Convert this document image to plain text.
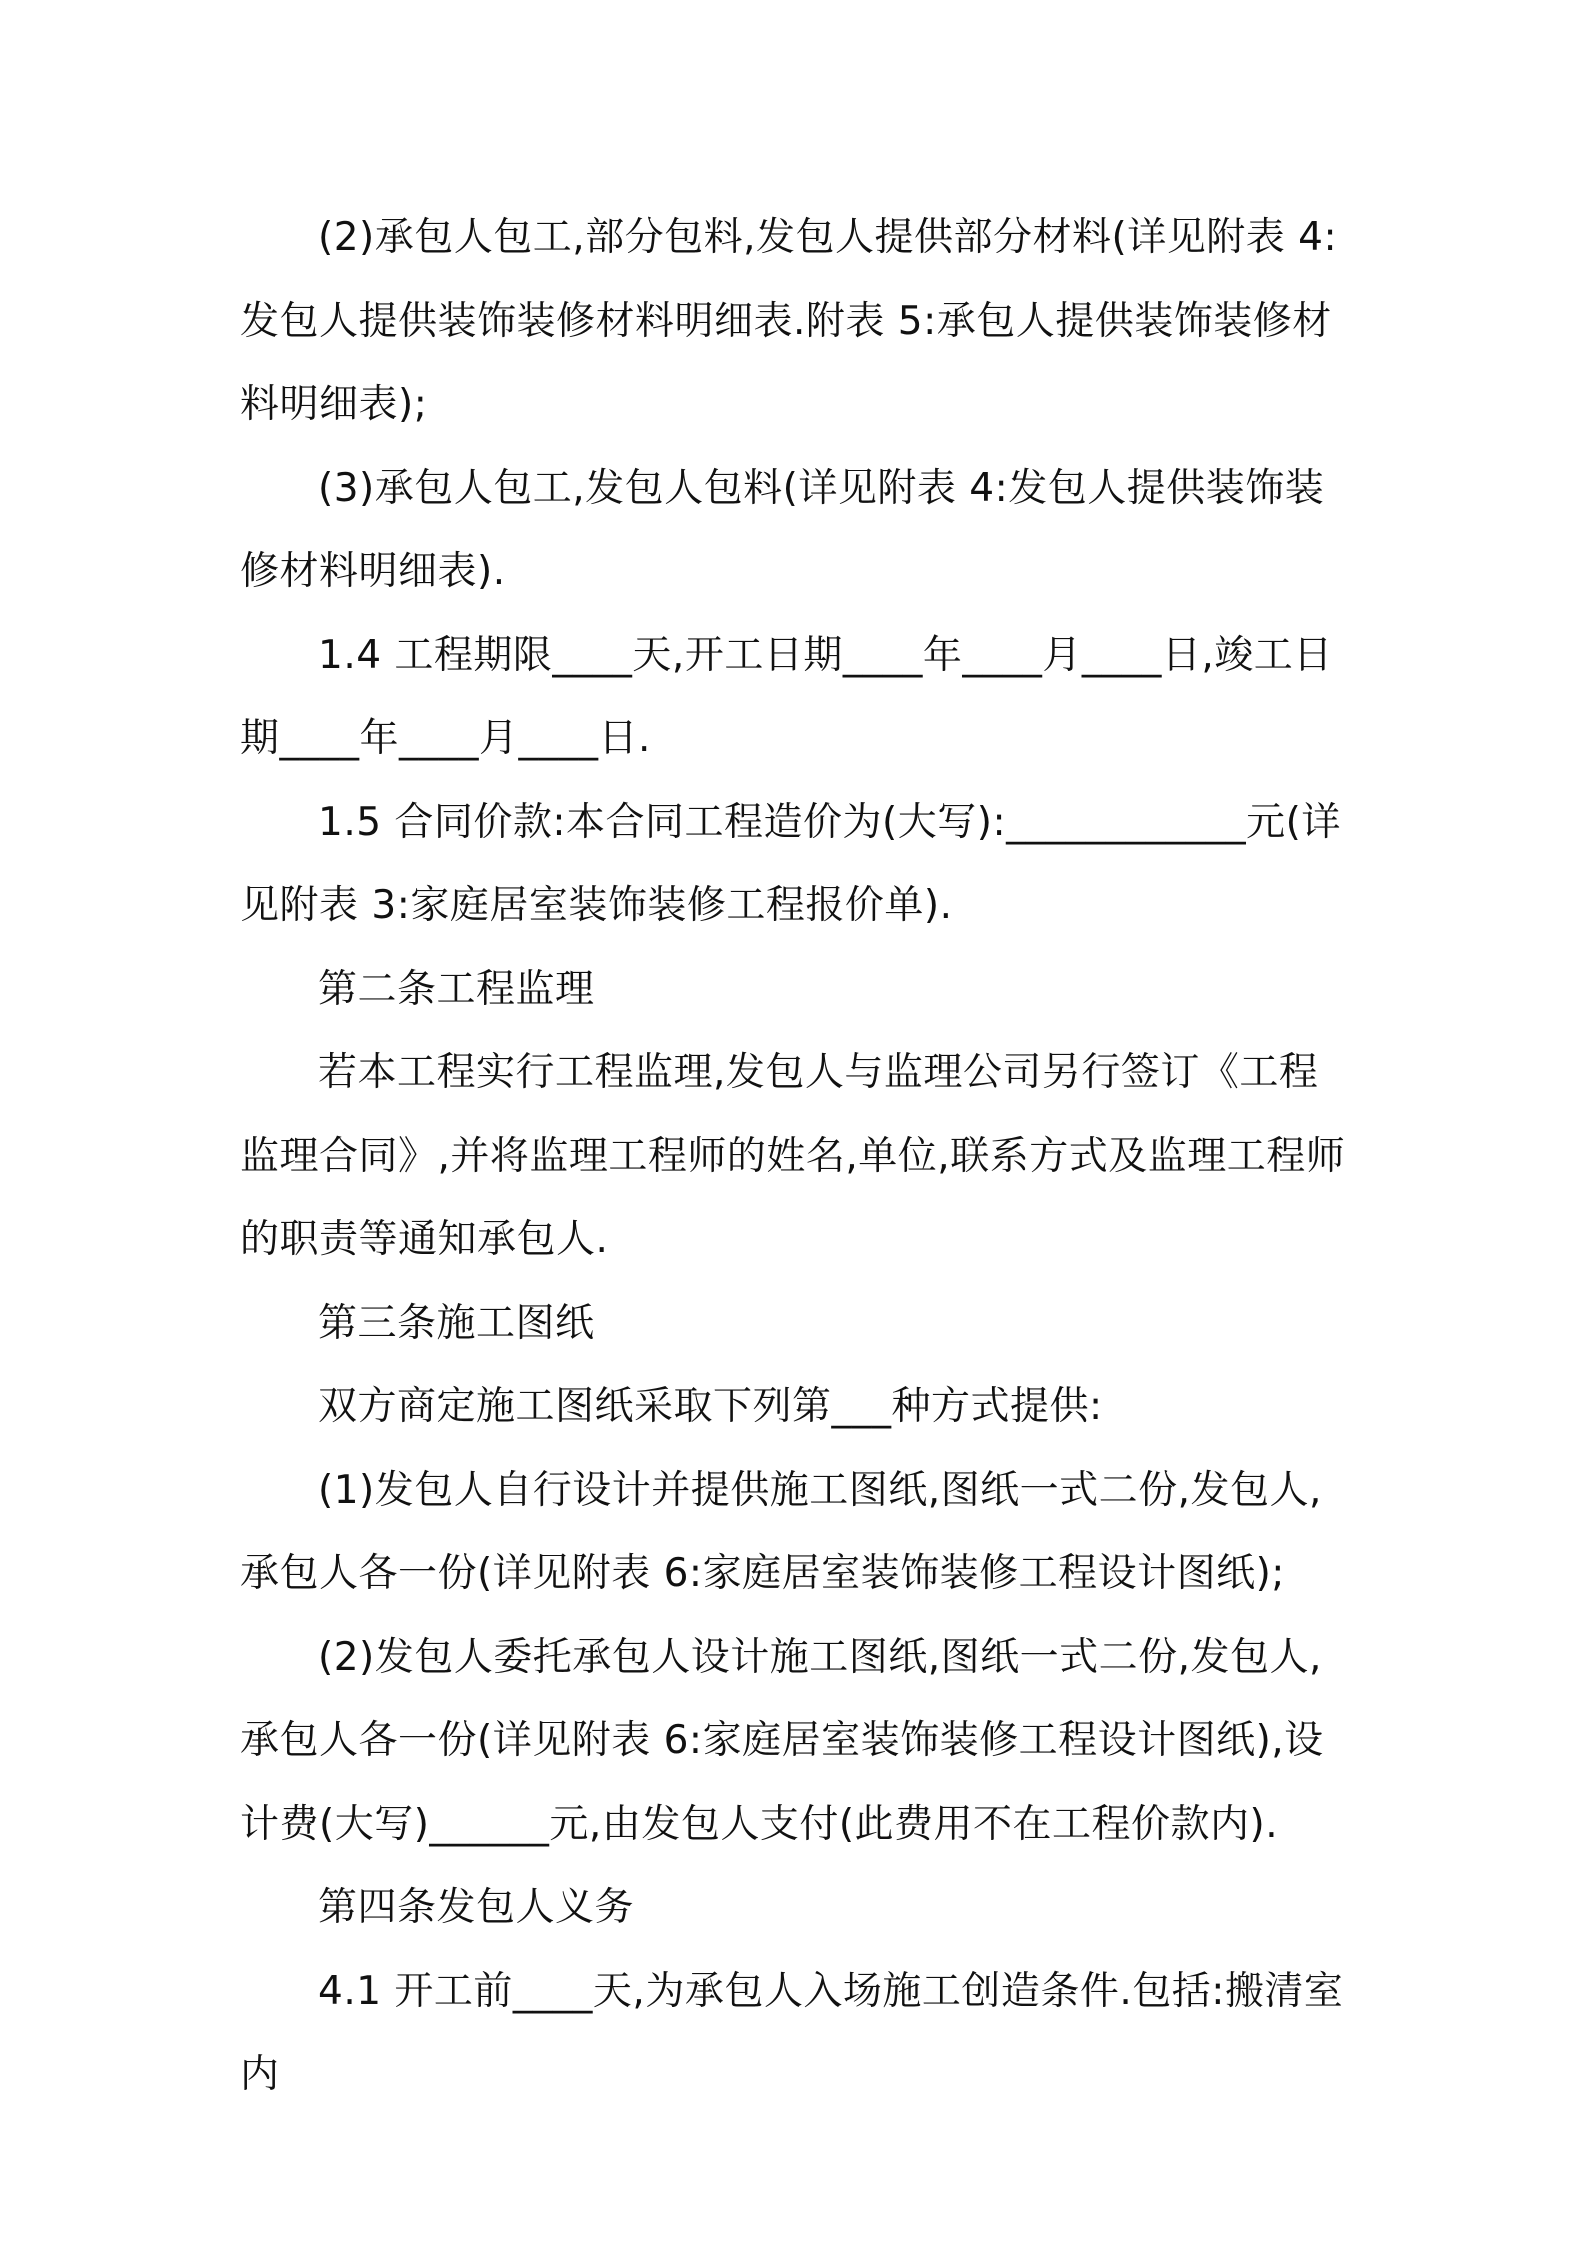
(2)承包人包工,部分包料,发包人提供部分材料(详见附表 4:发包人提供装饰装修材料明细表.附表 5:承包人提供装饰装修材料明细表);

(3)承包人包工,发包人包料(详见附表 4:发包人提供装饰装修材料明细表).

1.4 工程期限____天,开工日期____年____月____日,竣工日期____年____月____日.

1.5 合同价款:本合同工程造价为(大写):____________元(详见附表 3:家庭居室装饰装修工程报价单).

第二条工程监理

若本工程实行工程监理,发包人与监理公司另行签订《工程监理合同》,并将监理工程师的姓名,单位,联系方式及监理工程师的职责等通知承包人.

第三条施工图纸

双方商定施工图纸采取下列第___种方式提供:

(1)发包人自行设计并提供施工图纸,图纸一式二份,发包人,承包人各一份(详见附表 6:家庭居室装饰装修工程设计图纸);

(2)发包人委托承包人设计施工图纸,图纸一式二份,发包人,承包人各一份(详见附表 6:家庭居室装饰装修工程设计图纸),设计费(大写)______元,由发包人支付(此费用不在工程价款内).

第四条发包人义务

4.1 开工前____天,为承包人入场施工创造条件.包括:搬清室内
